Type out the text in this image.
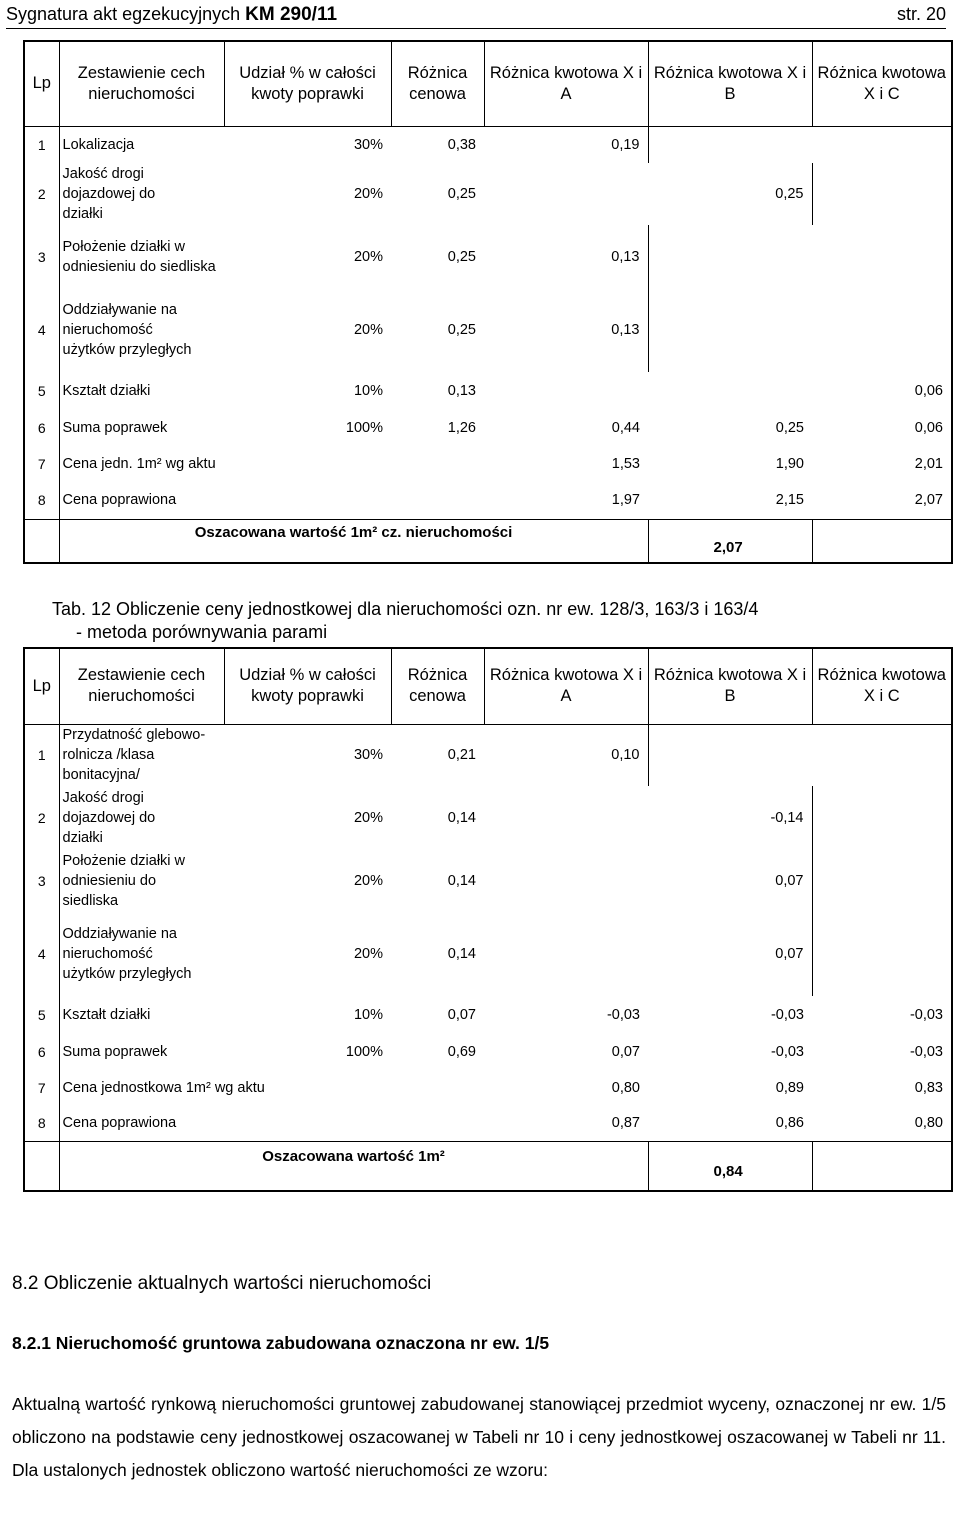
Sygnatura akt egzekucyjnych KM 290/11	str. 20
Lp	Zestawienie cech nieruchomości	Udział % w całości kwoty poprawki	Różnica cenowa	Różnica kwotowa X i A	Różnica kwotowa X i B	Różnica kwotowa X i C
1	Lokalizacja	30%	0,38	0,19		
2	Jakość drogi dojazdowej do działki	20%	0,25		0,25	
3	Położenie działki w odniesieniu do siedliska	20%	0,25	0,13		
4	Oddziaływanie na nieruchomość użytków przyległych	20%	0,25	0,13		
5	Kształt działki	10%	0,13			0,06
6	Suma poprawek	100%	1,26	0,44	0,25	0,06
7	Cena jedn. 1m² wg aktu			1,53	1,90	2,01
8	Cena poprawiona			1,97	2,15	2,07
	Oszacowana wartość 1m² cz. nieruchomości				2,07	
Tab. 12 Obliczenie ceny jednostkowej dla nieruchomości ozn. nr ew. 128/3, 163/3 i 163/4
- metoda porównywania parami
Lp	Zestawienie cech nieruchomości	Udział % w całości kwoty poprawki	Różnica cenowa	Różnica kwotowa X i A	Różnica kwotowa X i B	Różnica kwotowa X i C
1	Przydatność glebowo-rolnicza /klasa bonitacyjna/	30%	0,21	0,10		
2	Jakość drogi dojazdowej do działki	20%	0,14		-0,14	
3	Położenie działki w odniesieniu do siedliska	20%	0,14		0,07	
4	Oddziaływanie na nieruchomość użytków przyległych	20%	0,14		0,07	
5	Kształt działki	10%	0,07	-0,03	-0,03	-0,03
6	Suma poprawek	100%	0,69	0,07	-0,03	-0,03
7	Cena jednostkowa 1m² wg aktu			0,80	0,89	0,83
8	Cena poprawiona			0,87	0,86	0,80
	Oszacowana wartość 1m²				0,84	
8.2 Obliczenie aktualnych wartości nieruchomości
8.2.1 Nieruchomość gruntowa zabudowana oznaczona nr ew. 1/5
Aktualną wartość rynkową nieruchomości gruntowej zabudowanej stanowiącej przedmiot wyceny, oznaczonej nr ew. 1/5 obliczono na podstawie ceny jednostkowej oszacowanej w Tabeli nr 10 i ceny jednostkowej oszacowanej w Tabeli nr 11. Dla ustalonych jednostek obliczono wartość nieruchomości ze wzoru:
